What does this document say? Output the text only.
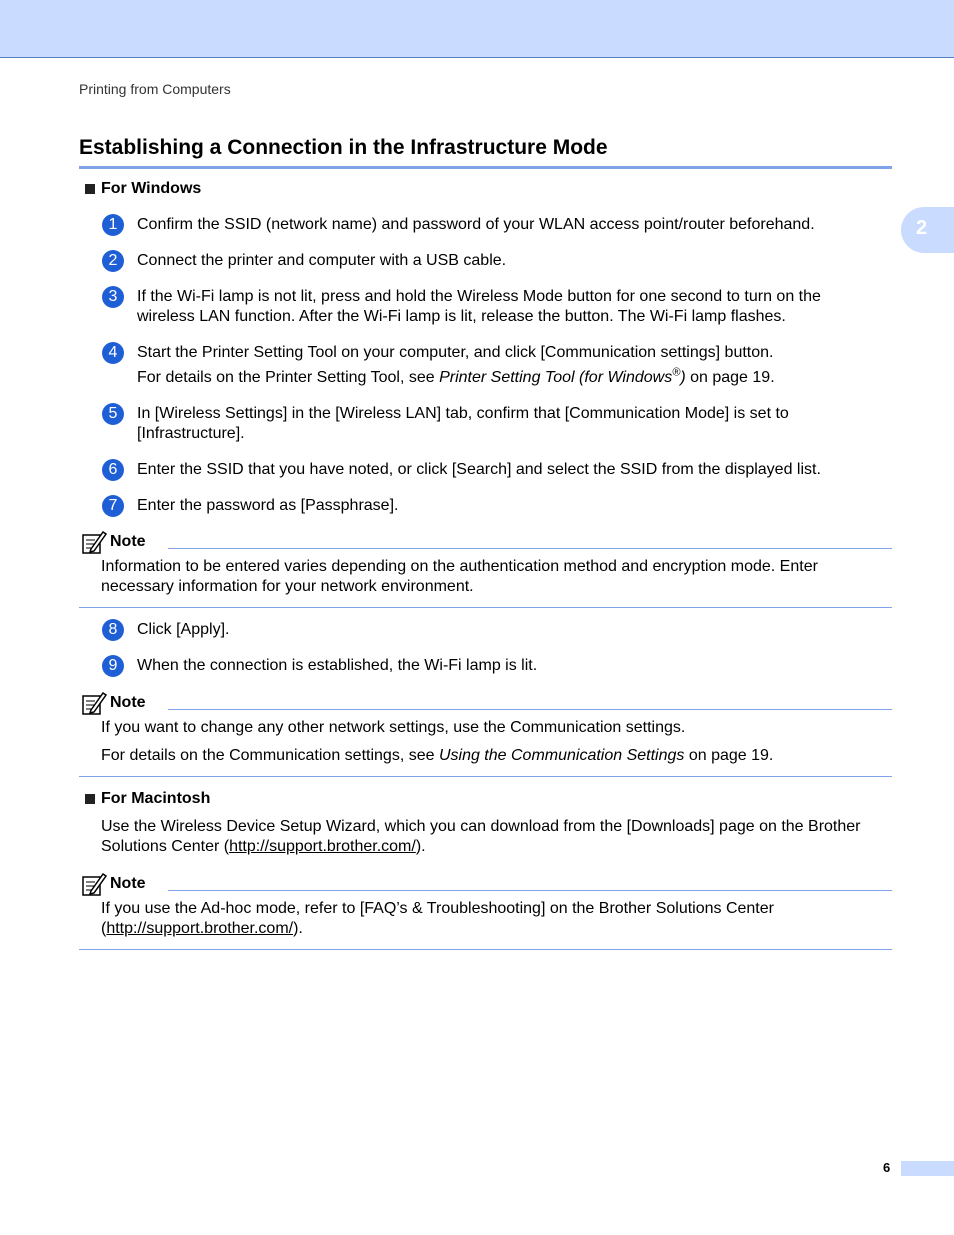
Printing from Computers
2
Establishing a Connection in the Infrastructure Mode
For Windows
1	Confirm the SSID (network name) and password of your WLAN access point/router beforehand.
2	Connect the printer and computer with a USB cable.
3	If the Wi-Fi lamp is not lit, press and hold the Wireless Mode button for one second to turn on the wireless LAN function. After the Wi-Fi lamp is lit, release the button. The Wi-Fi lamp flashes.
4	Start the Printer Setting Tool on your computer, and click [Communication settings] button.
For details on the Printer Setting Tool, see Printer Setting Tool (for Windows®) on page 19.
5	In [Wireless Settings] in the [Wireless LAN] tab, confirm that [Communication Mode] is set to [Infrastructure].
6	Enter the SSID that you have noted, or click [Search] and select the SSID from the displayed list.
7	Enter the password as [Passphrase].
Note
Information to be entered varies depending on the authentication method and encryption mode. Enter necessary information for your network environment.
8	Click [Apply].
9	When the connection is established, the Wi-Fi lamp is lit.
Note
If you want to change any other network settings, use the Communication settings.
For details on the Communication settings, see Using the Communication Settings on page 19.
For Macintosh
Use the Wireless Device Setup Wizard, which you can download from the [Downloads] page on the Brother Solutions Center (http://support.brother.com/).
Note
If you use the Ad-hoc mode, refer to [FAQ’s & Troubleshooting] on the Brother Solutions Center (http://support.brother.com/).
6
